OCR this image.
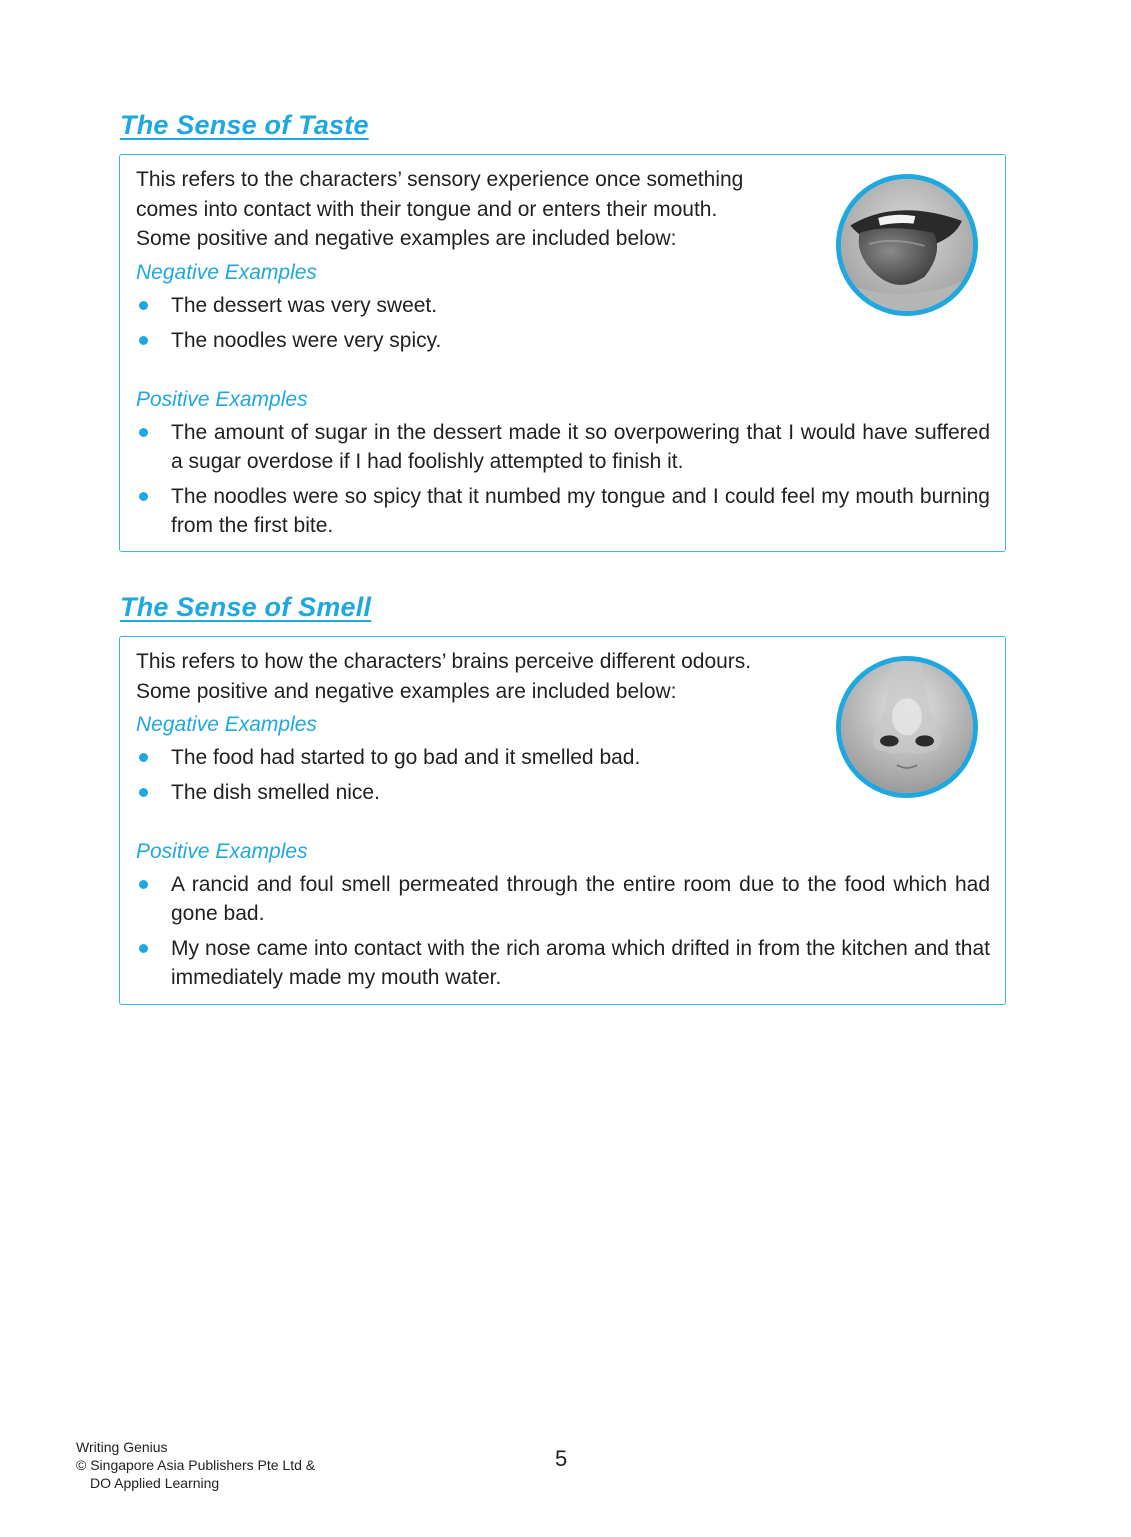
The Sense of Taste
This refers to the characters’ sensory experience once something
comes into contact with their tongue and or enters their mouth.
Some positive and negative examples are included below:
Negative Examples
The dessert was very sweet.
The noodles were very spicy.
Positive Examples
The amount of sugar in the dessert made it so overpowering that I would have suffered a sugar overdose if I had foolishly attempted to finish it.
The noodles were so spicy that it numbed my tongue and I could feel my mouth burning from the first bite.
The Sense of Smell
This refers to how the characters’ brains perceive different odours.
Some positive and negative examples are included below:
Negative Examples
The food had started to go bad and it smelled bad.
The dish smelled nice.
Positive Examples
A rancid and foul smell permeated through the entire room due to the food which had gone bad.
My nose came into contact with the rich aroma which drifted in from the kitchen and that immediately made my mouth water.
Writing Genius
© Singapore Asia Publishers Pte Ltd &
DO Applied Learning
5
